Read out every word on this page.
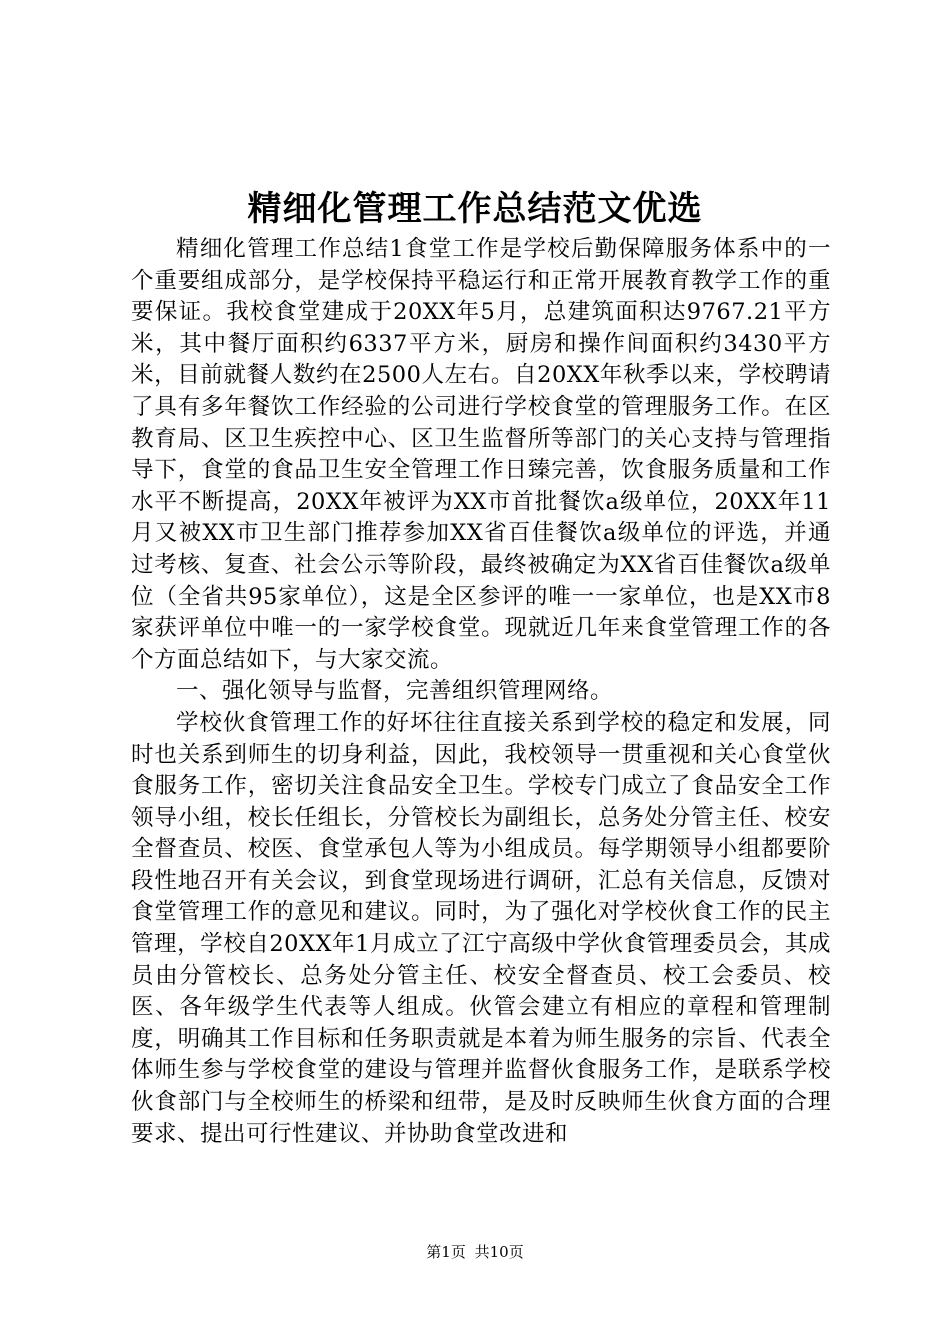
精细化管理工作总结范文优选

精细化管理工作总结1食堂工作是学校后勤保障服务体系中的一个重要组成部分，是学校保持平稳运行和正常开展教育教学工作的重要保证。我校食堂建成于20XX年5月，总建筑面积达9767.21平方米，其中餐厅面积约6337平方米，厨房和操作间面积约3430平方米，目前就餐人数约在2500人左右。自20XX年秋季以来，学校聘请了具有多年餐饮工作经验的公司进行学校食堂的管理服务工作。在区教育局、区卫生疾控中心、区卫生监督所等部门的关心支持与管理指导下，食堂的食品卫生安全管理工作日臻完善，饮食服务质量和工作水平不断提高，20XX年被评为XX市首批餐饮a级单位，20XX年11月又被XX市卫生部门推荐参加XX省百佳餐饮a级单位的评选，并通过考核、复查、社会公示等阶段，最终被确定为XX省百佳餐饮a级单位（全省共95家单位），这是全区参评的唯一一家单位，也是XX市8家获评单位中唯一的一家学校食堂。现就近几年来食堂管理工作的各个方面总结如下，与大家交流。

一、强化领导与监督，完善组织管理网络。

学校伙食管理工作的好坏往往直接关系到学校的稳定和发展，同时也关系到师生的切身利益，因此，我校领导一贯重视和关心食堂伙食服务工作，密切关注食品安全卫生。学校专门成立了食品安全工作领导小组，校长任组长，分管校长为副组长，总务处分管主任、校安全督查员、校医、食堂承包人等为小组成员。每学期领导小组都要阶段性地召开有关会议，到食堂现场进行调研，汇总有关信息，反馈对食堂管理工作的意见和建议。同时，为了强化对学校伙食工作的民主管理，学校自20XX年1月成立了江宁高级中学伙食管理委员会，其成员由分管校长、总务处分管主任、校安全督查员、校工会委员、校医、各年级学生代表等人组成。伙管会建立有相应的章程和管理制度，明确其工作目标和任务职责就是本着为师生服务的宗旨、代表全体师生参与学校食堂的建设与管理并监督伙食服务工作，是联系学校伙食部门与全校师生的桥梁和纽带，是及时反映师生伙食方面的合理要求、提出可行性建议、并协助食堂改进和

第1页 共10页
